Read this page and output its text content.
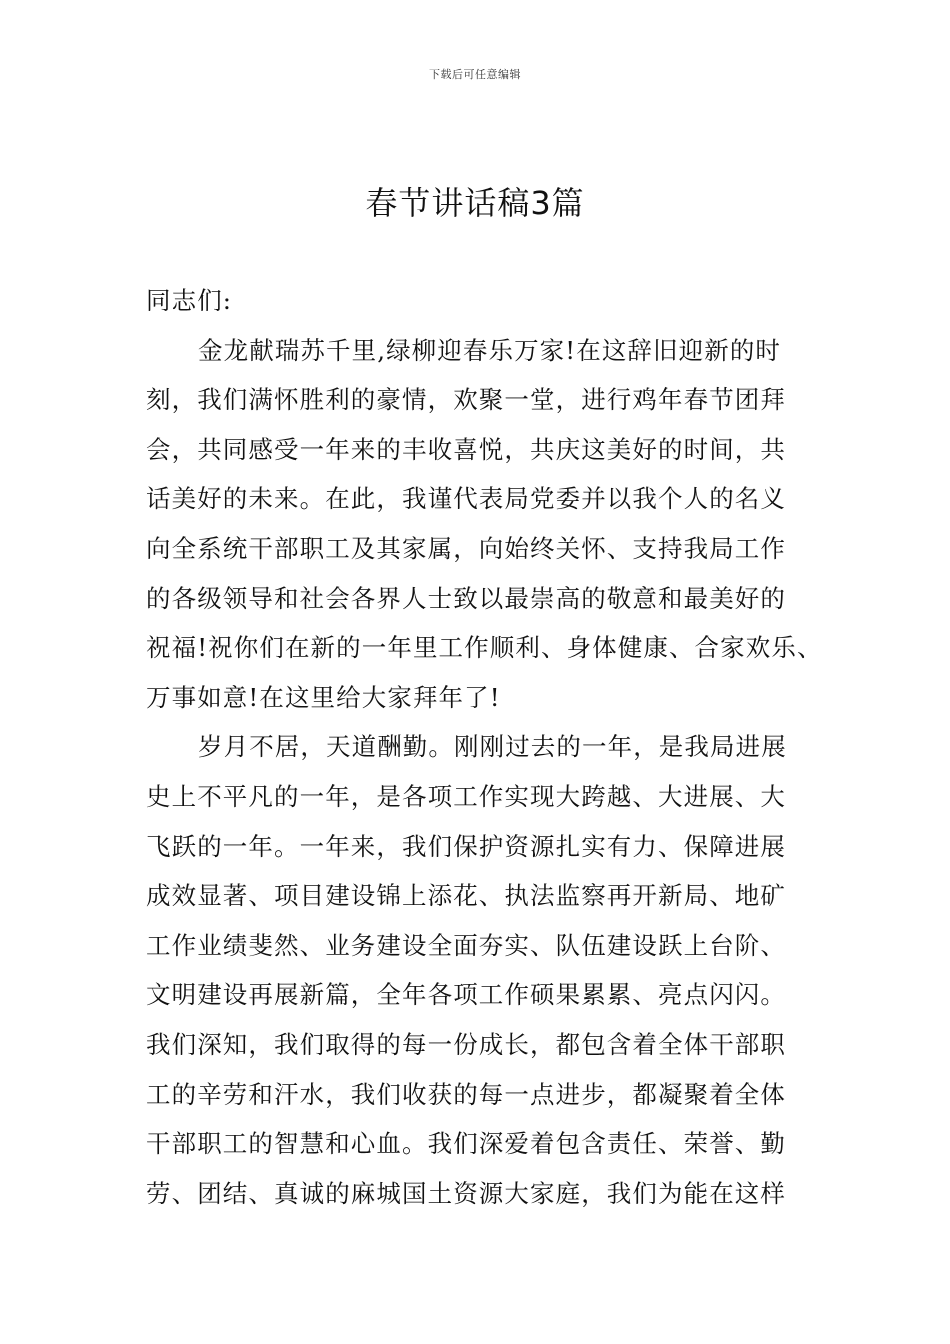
下载后可任意编辑
春节讲话稿3篇
同志们:
金龙献瑞苏千里,绿柳迎春乐万家!在这辞旧迎新的时
刻，我们满怀胜利的豪情，欢聚一堂，进行鸡年春节团拜
会，共同感受一年来的丰收喜悦，共庆这美好的时间，共
话美好的未来。在此，我谨代表局党委并以我个人的名义
向全系统干部职工及其家属，向始终关怀、支持我局工作
的各级领导和社会各界人士致以最崇高的敬意和最美好的
祝福!祝你们在新的一年里工作顺利、身体健康、合家欢乐、
万事如意!在这里给大家拜年了!
岁月不居，天道酬勤。刚刚过去的一年，是我局进展
史上不平凡的一年，是各项工作实现大跨越、大进展、大
飞跃的一年。一年来，我们保护资源扎实有力、保障进展
成效显著、项目建设锦上添花、执法监察再开新局、地矿
工作业绩斐然、业务建设全面夯实、队伍建设跃上台阶、
文明建设再展新篇，全年各项工作硕果累累、亮点闪闪。
我们深知，我们取得的每一份成长，都包含着全体干部职
工的辛劳和汗水，我们收获的每一点进步，都凝聚着全体
干部职工的智慧和心血。我们深爱着包含责任、荣誉、勤
劳、团结、真诚的麻城国土资源大家庭，我们为能在这样
